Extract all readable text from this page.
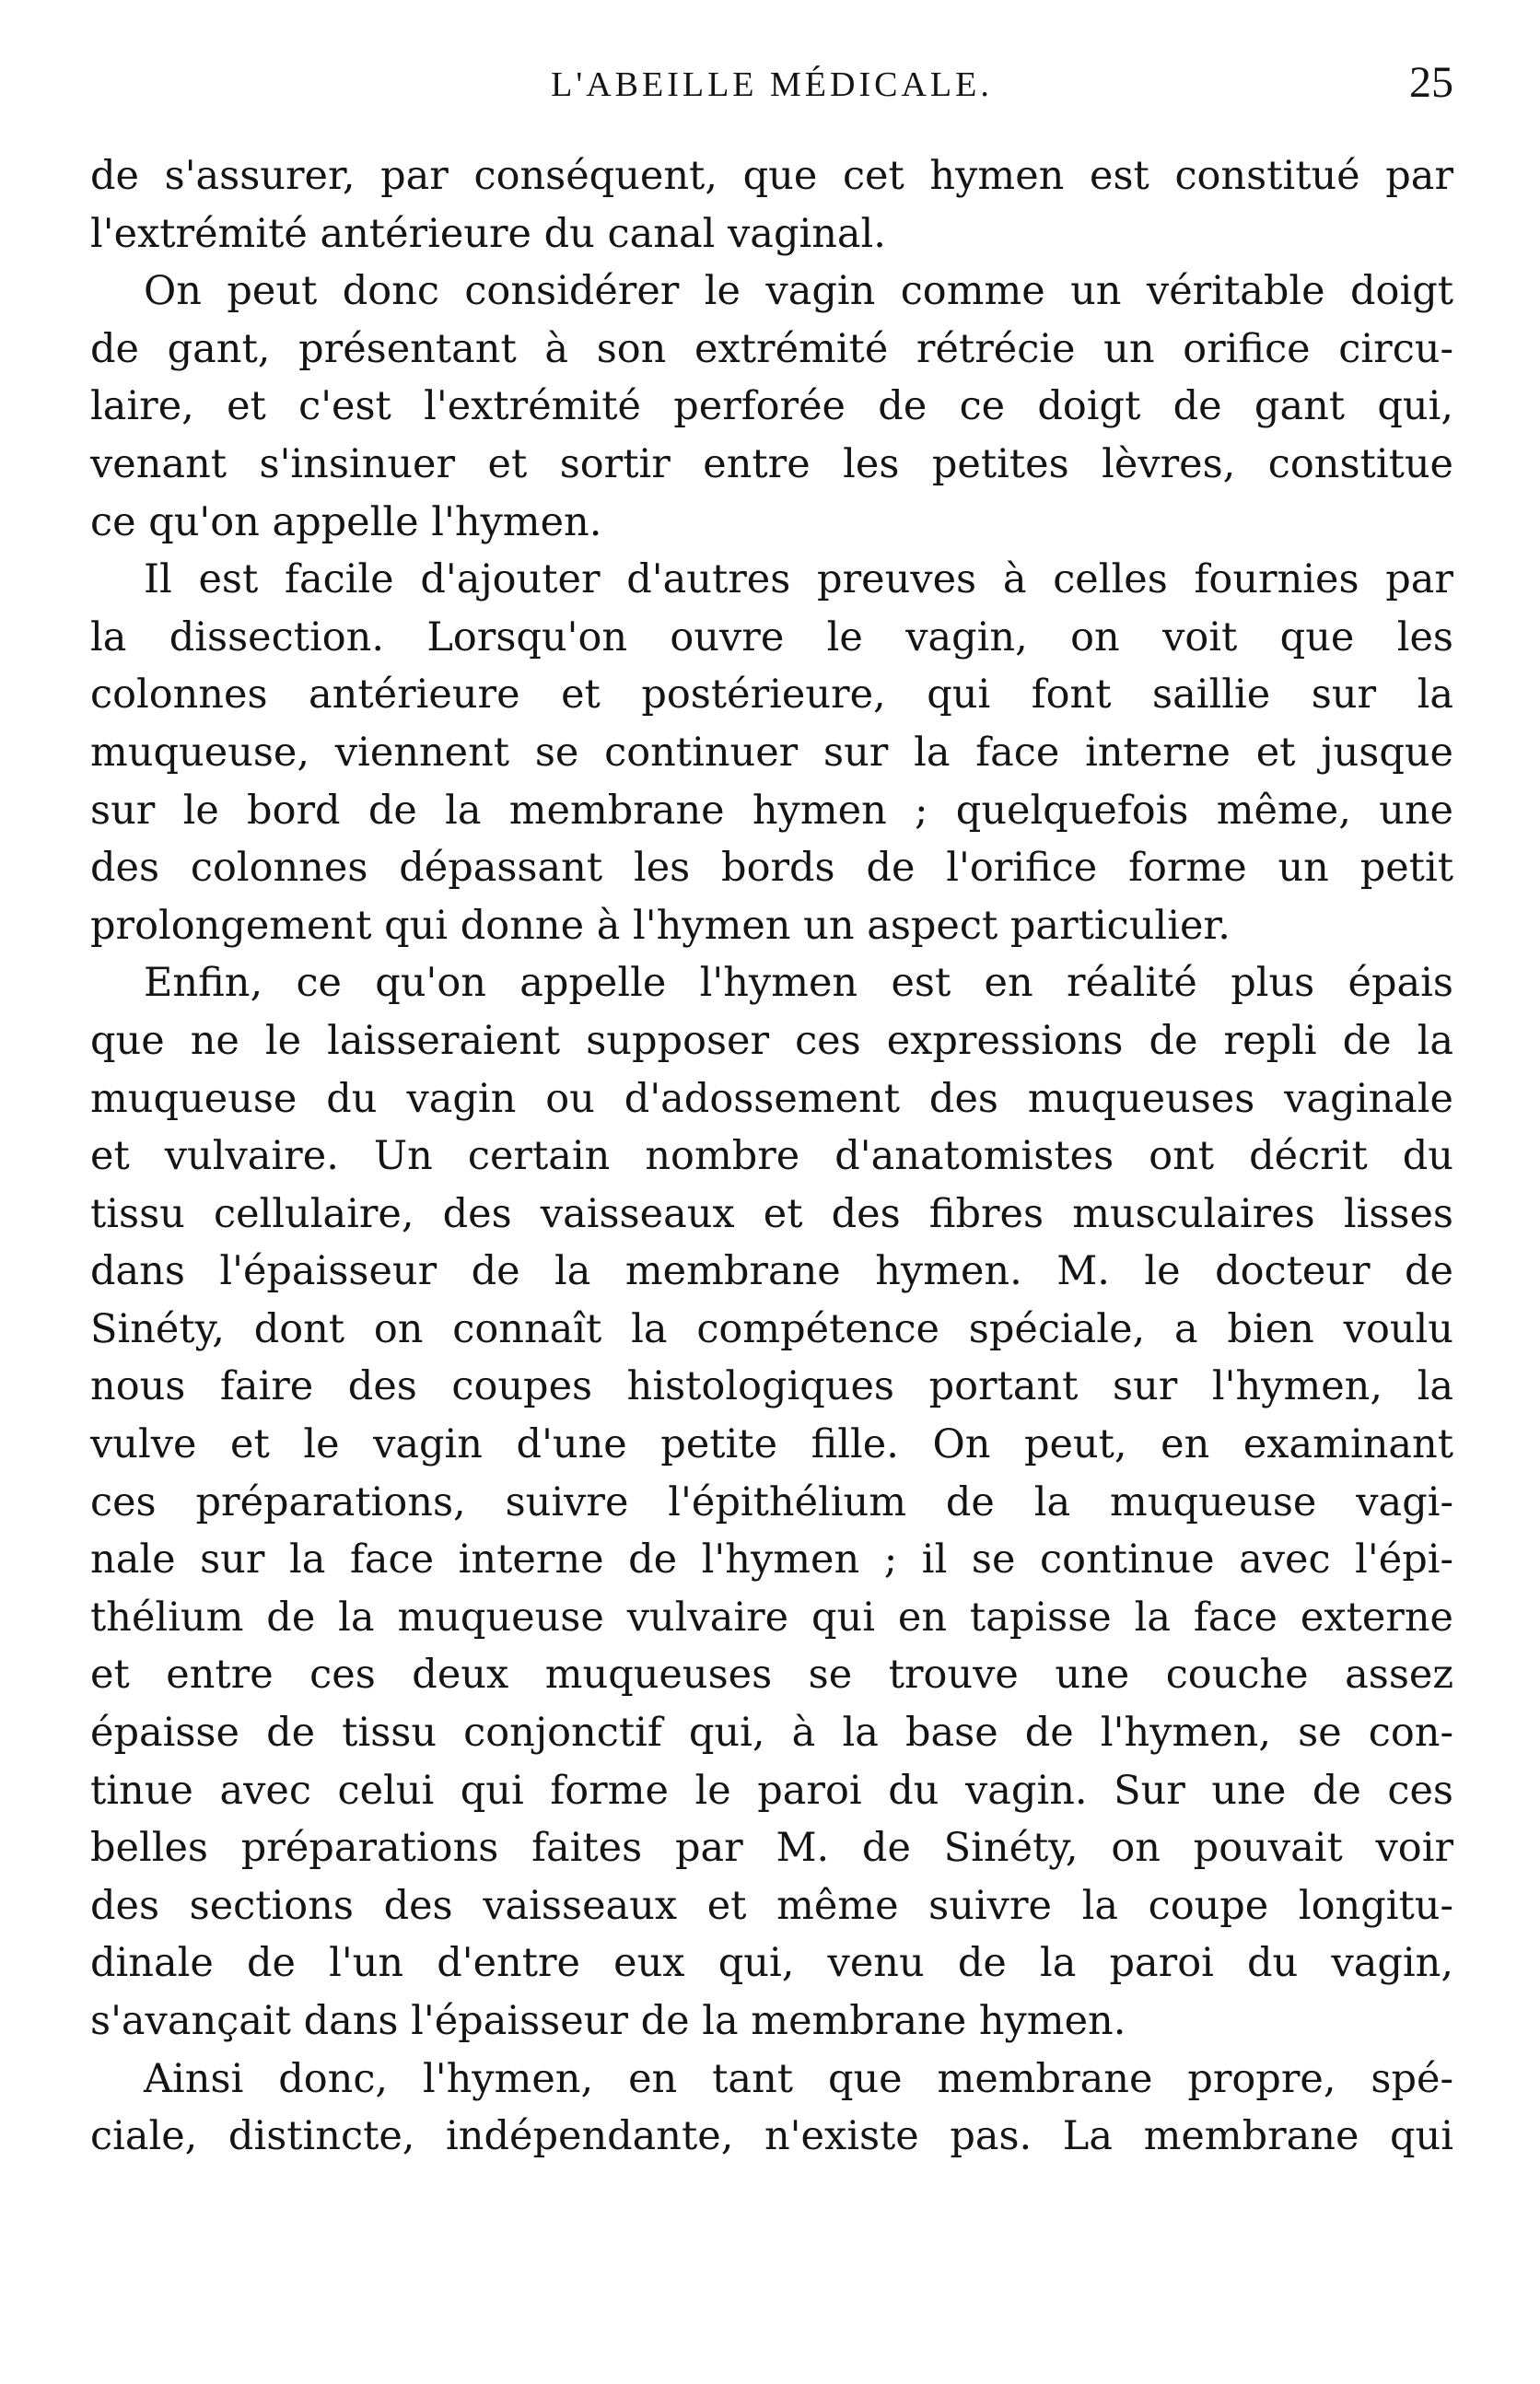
L'ABEILLE MÉDICALE.	25

de s'assurer, par conséquent, que cet hymen est constitué par
l'extrémité antérieure du canal vaginal.

On peut donc considérer le vagin comme un véritable doigt
de gant, présentant à son extrémité rétrécie un orifice circu-
laire, et c'est l'extrémité perforée de ce doigt de gant qui,
venant s'insinuer et sortir entre les petites lèvres, constitue
ce qu'on appelle l'hymen.

Il est facile d'ajouter d'autres preuves à celles fournies par
la dissection. Lorsqu'on ouvre le vagin, on voit que les
colonnes antérieure et postérieure, qui font saillie sur la
muqueuse, viennent se continuer sur la face interne et jusque
sur le bord de la membrane hymen ; quelquefois même, une
des colonnes dépassant les bords de l'orifice forme un petit
prolongement qui donne à l'hymen un aspect particulier.

Enfin, ce qu'on appelle l'hymen est en réalité plus épais
que ne le laisseraient supposer ces expressions de repli de la
muqueuse du vagin ou d'adossement des muqueuses vaginale
et vulvaire. Un certain nombre d'anatomistes ont décrit du
tissu cellulaire, des vaisseaux et des fibres musculaires lisses
dans l'épaisseur de la membrane hymen. M. le docteur de
Sinéty, dont on connaît la compétence spéciale, a bien voulu
nous faire des coupes histologiques portant sur l'hymen, la
vulve et le vagin d'une petite fille. On peut, en examinant
ces préparations, suivre l'épithélium de la muqueuse vagi-
nale sur la face interne de l'hymen ; il se continue avec l'épi-
thélium de la muqueuse vulvaire qui en tapisse la face externe
et entre ces deux muqueuses se trouve une couche assez
épaisse de tissu conjonctif qui, à la base de l'hymen, se con-
tinue avec celui qui forme le paroi du vagin. Sur une de ces
belles préparations faites par M. de Sinéty, on pouvait voir
des sections des vaisseaux et même suivre la coupe longitu-
dinale de l'un d'entre eux qui, venu de la paroi du vagin,
s'avançait dans l'épaisseur de la membrane hymen.

Ainsi donc, l'hymen, en tant que membrane propre, spé-
ciale, distincte, indépendante, n'existe pas. La membrane qui
